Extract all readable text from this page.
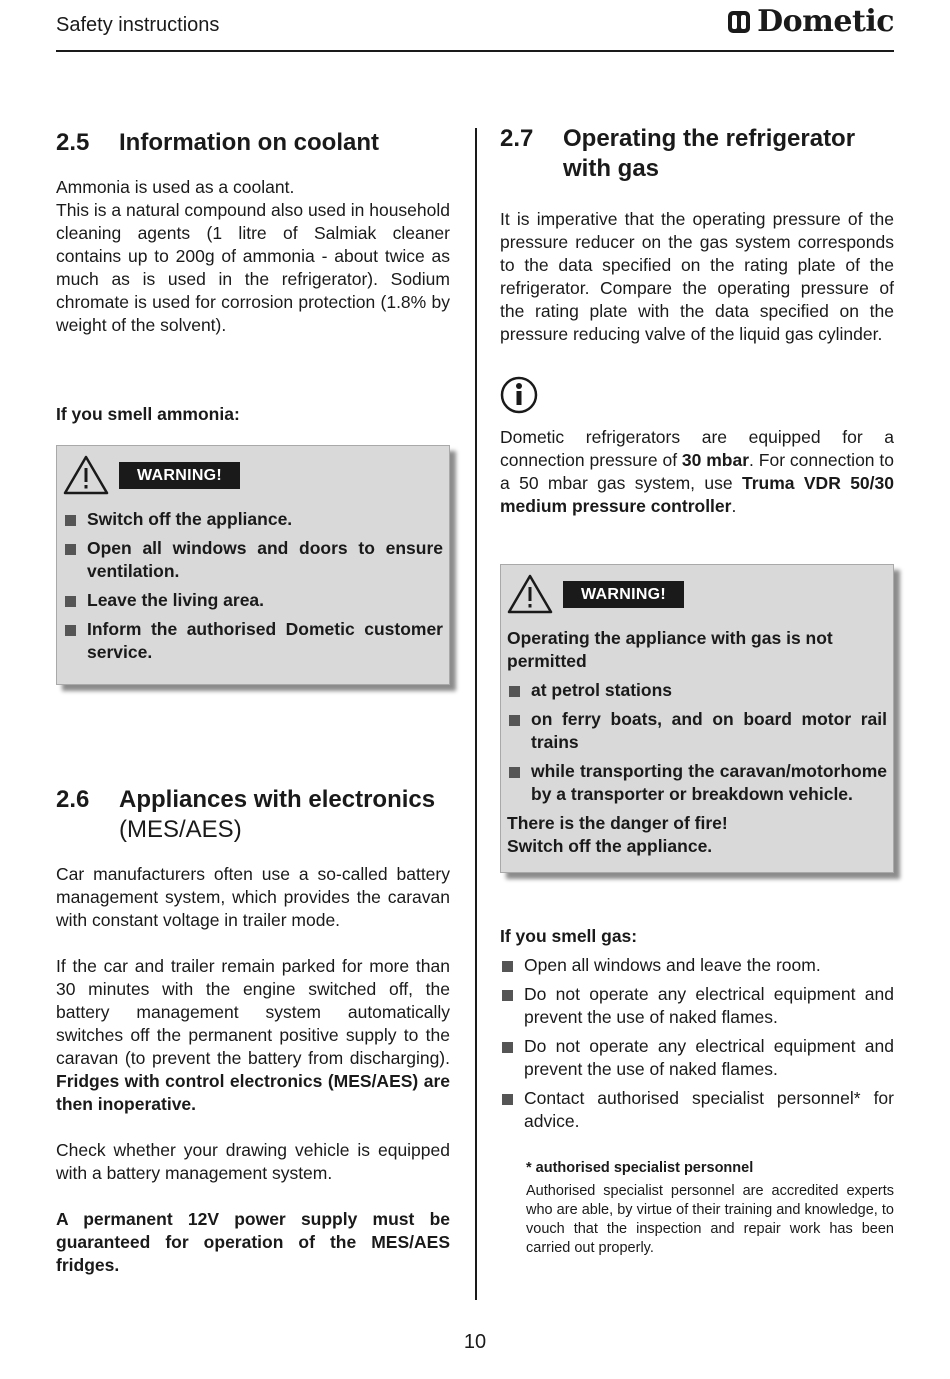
Safety instructions	Dometic
2.5	Information on coolant

Ammonia is used as a coolant.

This is a natural compound also used in household cleaning agents (1 litre of Salmiak cleaner contains up to 200g of ammonia - about twice as much as is used in the refrigerator). Sodium chromate is used for corrosion protection (1.8% by weight of the solvent).

If you smell ammonia:

WARNING!
Switch off the appliance.
Open all windows and doors to ensure ventilation.
Leave the living area.
Inform the authorised Dometic customer service.
2.6	Appliances with electronics
(MES/AES)

Car manufacturers often use a so-called battery management system, which provides the caravan with constant voltage in trailer mode.

If the car and trailer remain parked for more than 30 minutes with the engine switched off, the battery management system automatically switches off the permanent positive supply to the caravan (to prevent the battery from discharging). Fridges with control electronics (MES/AES) are then inoperative.

Check whether your drawing vehicle is equipped with a battery management system.

A permanent 12V power supply must be guaranteed for operation of the MES/AES fridges.

2.7	Operating the refrigerator with gas

It is imperative that the operating pressure of the pressure reducer on the gas system corresponds to the data specified on the rating plate of the refrigerator. Compare the operating pressure of the rating plate with the data specified on the pressure reducing valve of the liquid gas cylinder.

Dometic refrigerators are equipped for a connection pressure of 30 mbar. For connection to a 50 mbar gas system, use Truma VDR 50/30 medium pressure controller.

WARNING!

Operating the appliance with gas is not permitted

at petrol stations
on ferry boats, and on board motor rail trains
while transporting the caravan/motorhome by a transporter or breakdown vehicle.

There is the danger of fire!

Switch off the appliance.

If you smell gas:

Open all windows and leave the room.
Do not operate any electrical equipment and prevent the use of naked flames.
Do not operate any electrical equipment and prevent the use of naked flames.
Contact authorised specialist personnel* for advice.
* authorised specialist personnel

Authorised specialist personnel are accredited experts who are able, by virtue of their training and knowledge, to vouch that the inspection and repair work has been carried out properly.

10
